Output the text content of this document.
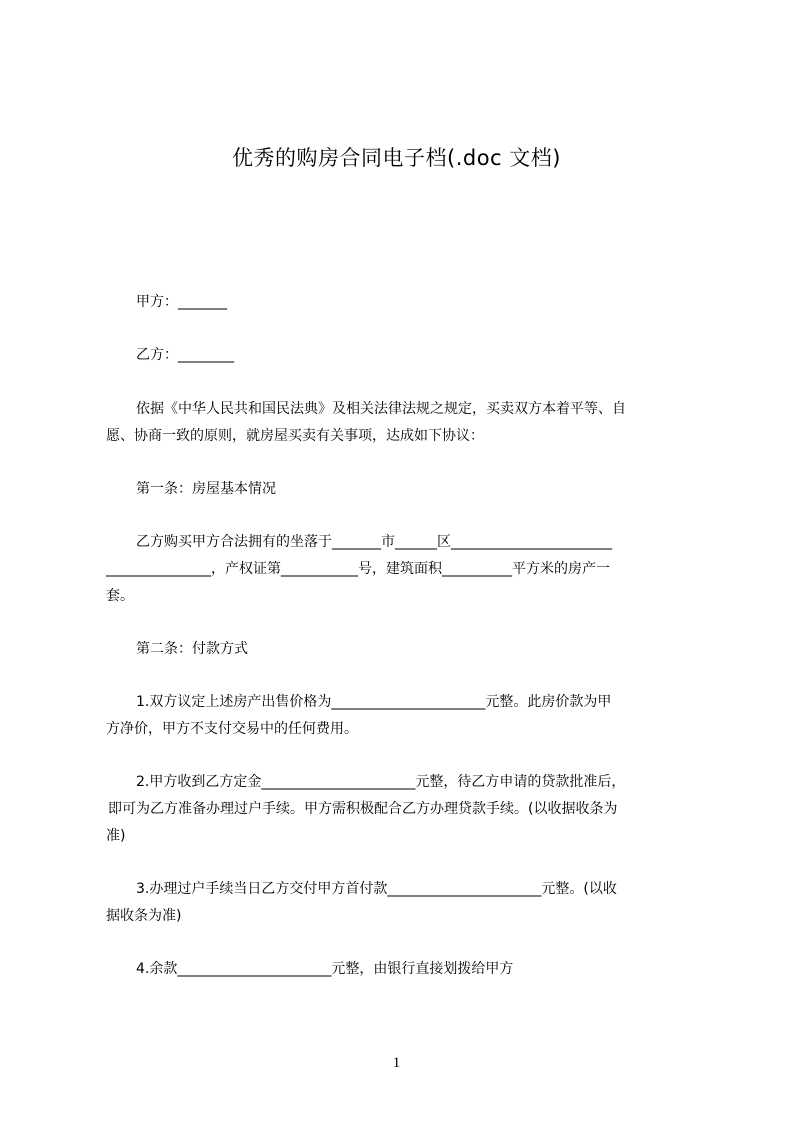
优秀的购房合同电子档(.doc 文档)
甲方：_______
乙方：________
依据《中华人民共和国民法典》及相关法律法规之规定，买卖双方本着平等、自
愿、协商一致的原则，就房屋买卖有关事项，达成如下协议：
第一条：房屋基本情况
乙方购买甲方合法拥有的坐落于_______市______区_______________________
_______________，产权证第___________号，建筑面积__________平方米的房产一
套。
第二条：付款方式
1.双方议定上述房产出售价格为______________________元整。此房价款为甲
方净价，甲方不支付交易中的任何费用。
2.甲方收到乙方定金______________________元整，待乙方申请的贷款批准后，
即可为乙方准备办理过户手续。甲方需积极配合乙方办理贷款手续。(以收据收条为
准)
3.办理过户手续当日乙方交付甲方首付款______________________元整。(以收
据收条为准)
4.余款______________________元整，由银行直接划拨给甲方
1
